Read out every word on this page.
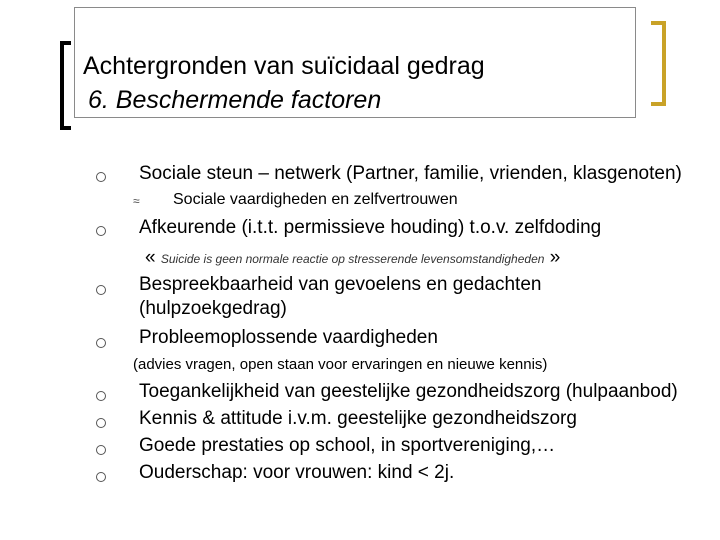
Achtergronden van suïcidaal gedrag
6. Beschermende factoren
Sociale steun – netwerk (Partner, familie, vrienden, klasgenoten)
≈ Sociale vaardigheden en zelfvertrouwen
Afkeurende (i.t.t. permissieve houding) t.o.v. zelfdoding
« Suicide is geen normale reactie op stresserende levensomstandigheden »
Bespreekbaarheid van gevoelens en gedachten
(hulpzoekgedrag)
Probleemoplossende vaardigheden
(advies vragen, open staan voor ervaringen en nieuwe kennis)
Toegankelijkheid van geestelijke gezondheidszorg (hulpaanbod)
Kennis & attitude i.v.m. geestelijke gezondheidszorg
Goede prestaties op school, in sportvereniging,…
Ouderschap: voor vrouwen: kind < 2j.
